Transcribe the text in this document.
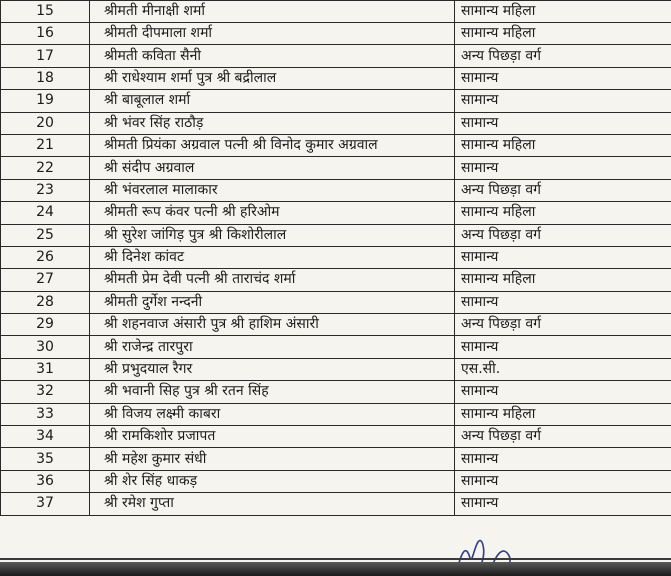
15	श्रीमती मीनाक्षी शर्मा	सामान्य महिला
16	श्रीमती दीपमाला शर्मा	सामान्य महिला
17	श्रीमती कविता सैनी	अन्य पिछड़ा वर्ग
18	श्री राधेश्याम शर्मा पुत्र श्री बद्रीलाल	सामान्य
19	श्री बाबूलाल शर्मा	सामान्य
20	श्री भंवर सिंह राठौड़	सामान्य
21	श्रीमती प्रियंका अग्रवाल पत्नी श्री विनोद कुमार अग्रवाल	सामान्य महिला
22	श्री संदीप अग्रवाल	सामान्य
23	श्री भंवरलाल मालाकार	अन्य पिछड़ा वर्ग
24	श्रीमती रूप कंवर पत्नी श्री हरिओम	सामान्य महिला
25	श्री सुरेश जांगिड़ पुत्र श्री किशोरीलाल	अन्य पिछड़ा वर्ग
26	श्री दिनेश कांवट	सामान्य
27	श्रीमती प्रेम देवी पत्नी श्री ताराचंद शर्मा	सामान्य महिला
28	श्रीमती दुर्गेश नन्दनी	सामान्य
29	श्री शहनवाज अंसारी पुत्र श्री हाशिम अंसारी	अन्य पिछड़ा वर्ग
30	श्री राजेन्द्र तारपुरा	सामान्य
31	श्री प्रभुदयाल रैगर	एस.सी.
32	श्री भवानी सिह पुत्र श्री रतन सिंह	सामान्य
33	श्री विजय लक्ष्मी काबरा	सामान्य महिला
34	श्री रामकिशोर प्रजापत	अन्य पिछड़ा वर्ग
35	श्री महेश कुमार संधी	सामान्य
36	श्री शेर सिंह धाकड़	सामान्य
37	श्री रमेश गुप्ता	सामान्य
